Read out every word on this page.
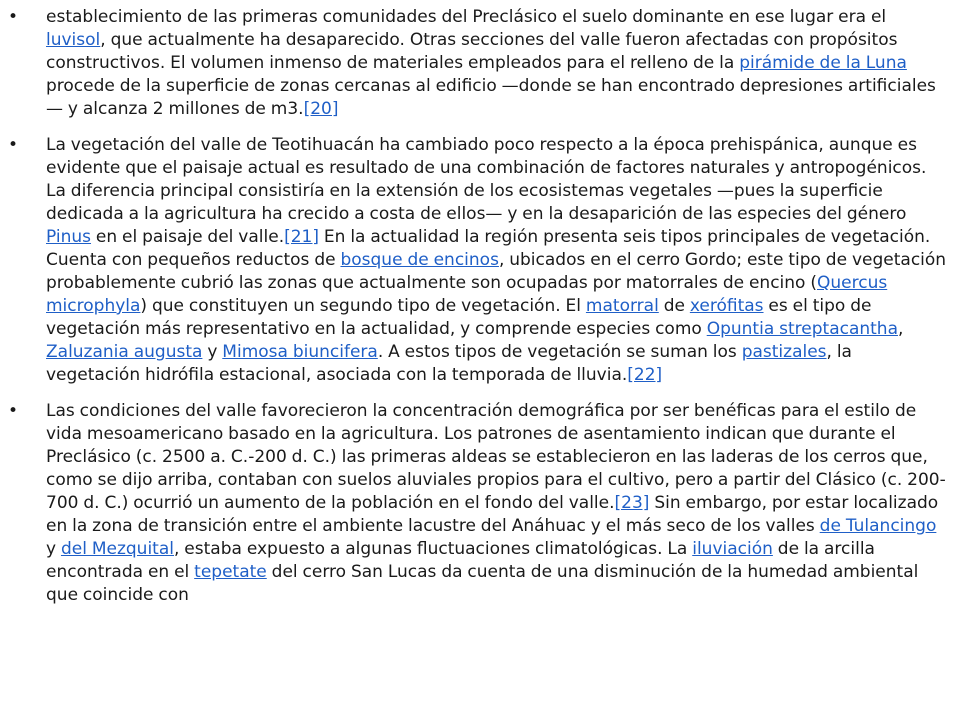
• establecimiento de las primeras comunidades del Preclásico el suelo dominante en ese lugar era el luvisol, que actualmente ha desaparecido. Otras secciones del valle fueron afectadas con propósitos constructivos. El volumen inmenso de materiales empleados para el relleno de la pirámide de la Luna procede de la superficie de zonas cercanas al edificio —donde se han encontrado depresiones artificiales— y alcanza 2 millones de m3.[20]
• La vegetación del valle de Teotihuacán ha cambiado poco respecto a la época prehispánica, aunque es evidente que el paisaje actual es resultado de una combinación de factores naturales y antropogénicos. La diferencia principal consistiría en la extensión de los ecosistemas vegetales —pues la superficie dedicada a la agricultura ha crecido a costa de ellos— y en la desaparición de las especies del género Pinus en el paisaje del valle.[21] En la actualidad la región presenta seis tipos principales de vegetación. Cuenta con pequeños reductos de bosque de encinos, ubicados en el cerro Gordo; este tipo de vegetación probablemente cubrió las zonas que actualmente son ocupadas por matorrales de encino (Quercus microphyla) que constituyen un segundo tipo de vegetación. El matorral de xerófitas es el tipo de vegetación más representativo en la actualidad, y comprende especies como Opuntia streptacantha, Zaluzania augusta y Mimosa biuncifera. A estos tipos de vegetación se suman los pastizales, la vegetación hidrófila estacional, asociada con la temporada de lluvia.[22]
• Las condiciones del valle favorecieron la concentración demográfica por ser benéficas para el estilo de vida mesoamericano basado en la agricultura. Los patrones de asentamiento indican que durante el Preclásico (c. 2500 a. C.-200 d. C.) las primeras aldeas se establecieron en las laderas de los cerros que, como se dijo arriba, contaban con suelos aluviales propios para el cultivo, pero a partir del Clásico (c. 200-700 d. C.) ocurrió un aumento de la población en el fondo del valle.[23] Sin embargo, por estar localizado en la zona de transición entre el ambiente lacustre del Anáhuac y el más seco de los valles de Tulancingo y del Mezquital, estaba expuesto a algunas fluctuaciones climatológicas. La iluviación de la arcilla encontrada en el tepetate del cerro San Lucas da cuenta de una disminución de la humedad ambiental que coincide con
